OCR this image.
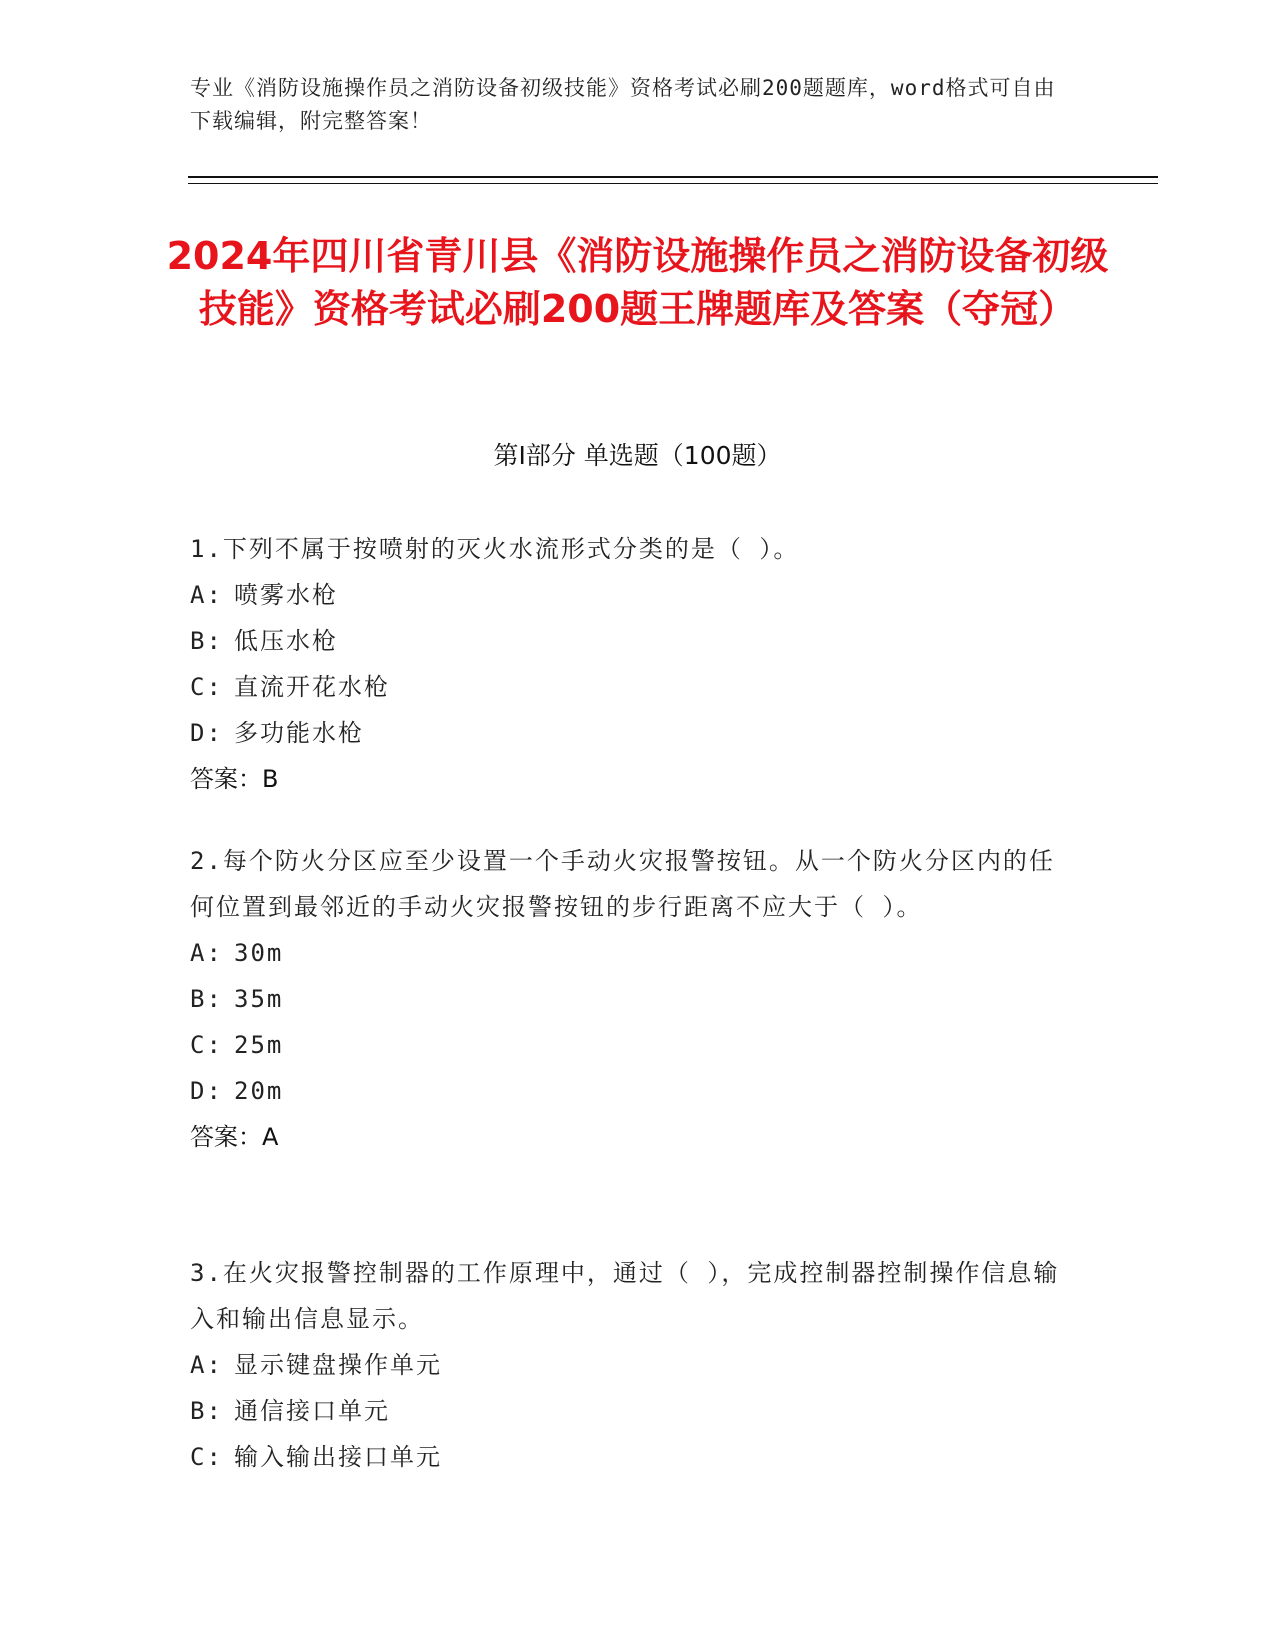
专业《消防设施操作员之消防设备初级技能》资格考试必刷200题题库，word格式可自由下载编辑，附完整答案！
2024年四川省青川县《消防设施操作员之消防设备初级技能》资格考试必刷200题王牌题库及答案（夺冠）
第Ⅰ部分 单选题（100题）
1.下列不属于按喷射的灭火水流形式分类的是（ ）。
A: 喷雾水枪
B: 低压水枪
C: 直流开花水枪
D: 多功能水枪
答案：B
2.每个防火分区应至少设置一个手动火灾报警按钮。从一个防火分区内的任何位置到最邻近的手动火灾报警按钮的步行距离不应大于（ ）。
A: 30m
B: 35m
C: 25m
D: 20m
答案：A
3.在火灾报警控制器的工作原理中，通过（ ），完成控制器控制操作信息输入和输出信息显示。
A: 显示键盘操作单元
B: 通信接口单元
C: 输入输出接口单元
